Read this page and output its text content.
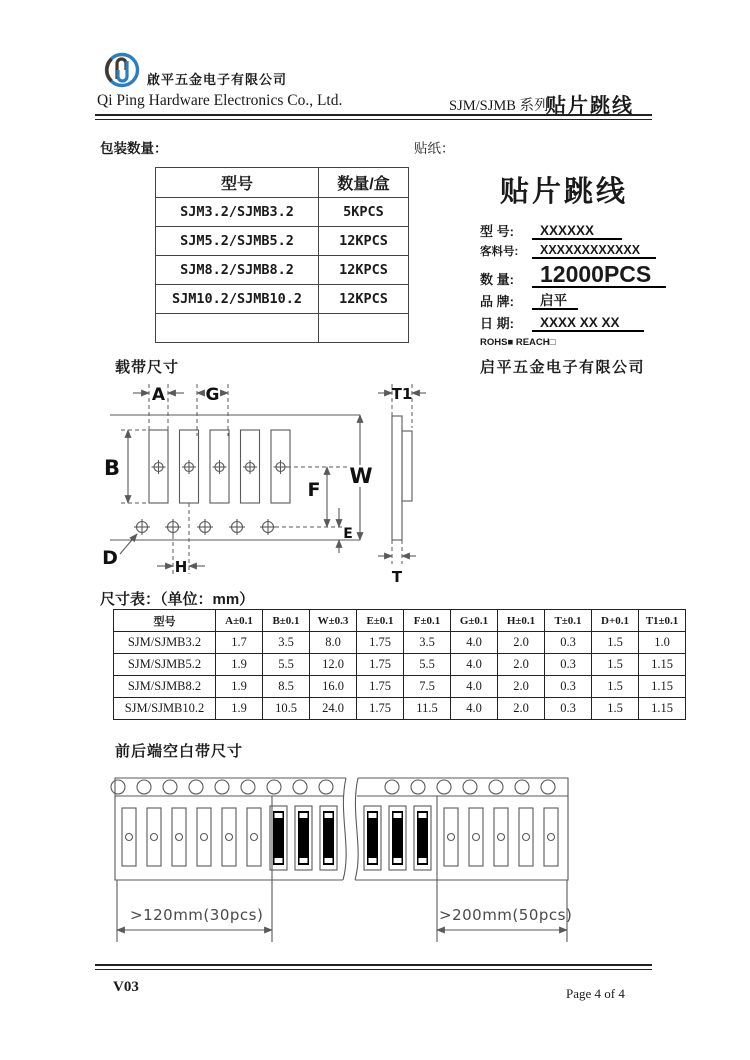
啟平五金电子有限公司
Qi Ping Hardware Electronics Co., Ltd.	SJM/SJMB 系列
贴片跳线
包装数量：	贴纸：
型号	数量/盒
SJM3.2/SJMB3.2	5KPCS
SJM5.2/SJMB5.2	12KPCS
SJM8.2/SJMB8.2	12KPCS
SJM10.2/SJMB10.2	12KPCS

贴片跳线
型 号:	XXXXXX
客料号:	XXXXXXXXXXXX
数 量:	12000PCS
品 牌:	启平
日 期:	XXXX XX XX
ROHS■ REACH□
启平五金电子有限公司
载带尺寸
A G
B	W
F
E
D	H
T1
T
尺寸表：（单位：mm）
型号	A±0.1	B±0.1	W±0.3	E±0.1	F±0.1	G±0.1	H±0.1	T±0.1	D+0.1	T1±0.1
SJM/SJMB3.2	1.7	3.5	8.0	1.75	3.5	4.0	2.0	0.3	1.5	1.0
SJM/SJMB5.2	1.9	5.5	12.0	1.75	5.5	4.0	2.0	0.3	1.5	1.15
SJM/SJMB8.2	1.9	8.5	16.0	1.75	7.5	4.0	2.0	0.3	1.5	1.15
SJM/SJMB10.2	1.9	10.5	24.0	1.75	11.5	4.0	2.0	0.3	1.5	1.15
前后端空白带尺寸
>120mm(30pcs)	>200mm(50pcs)
V03	Page 4 of 4
